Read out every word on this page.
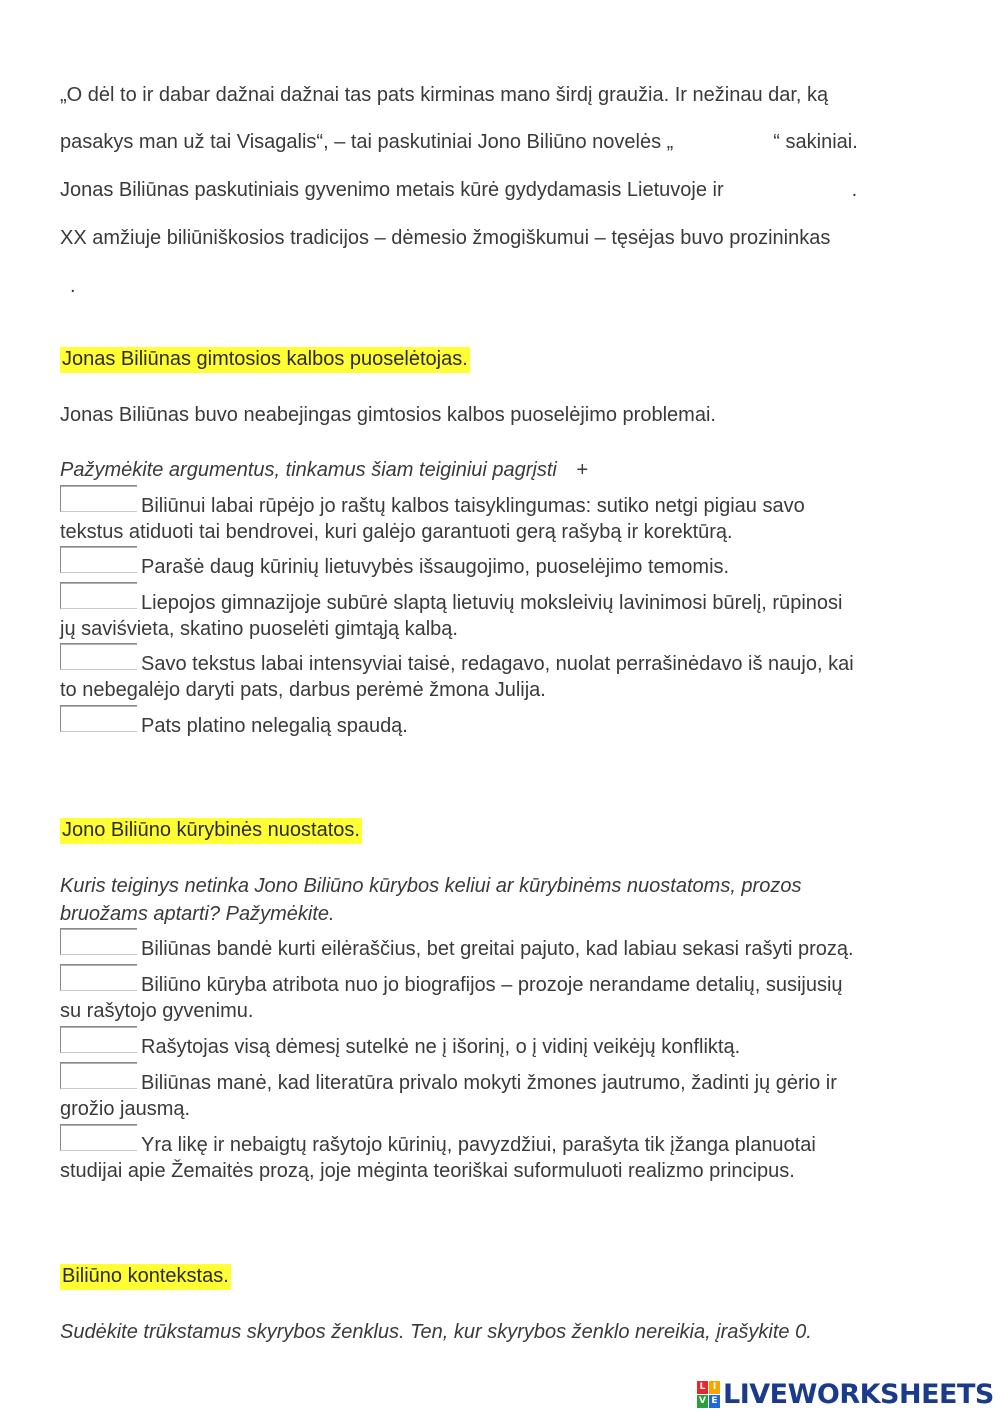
„O dėl to ir dabar dažnai dažnai tas pats kirminas mano širdį graužia. Ir nežinau dar, ką
pasakys man už tai Visagalis“, – tai paskutiniai Jono Biliūno novelės „	“ sakiniai.
Jonas Biliūnas paskutiniais gyvenimo metais kūrė gydydamasis Lietuvoje ir	.
XX amžiuje biliūniškosios tradicijos – dėmesio žmogiškumui – tęsėjas buvo prozininkas
.
Jonas Biliūnas gimtosios kalbos puoselėtojas.
Jonas Biliūnas buvo neabejingas gimtosios kalbos puoselėjimo problemai.
Pažymėkite argumentus, tinkamus šiam teiginiui pagrįsti +
Biliūnui labai rūpėjo jo raštų kalbos taisyklingumas: sutiko netgi pigiau savo
tekstus atiduoti tai bendrovei, kuri galėjo garantuoti gerą rašybą ir korektūrą.
Parašė daug kūrinių lietuvybės išsaugojimo, puoselėjimo temomis.
Liepojos gimnazijoje subūrė slaptą lietuvių moksleivių lavinimosi būrelį, rūpinosi
jų saviśvieta, skatino puoselėti gimtąją kalbą.
Savo tekstus labai intensyviai taisė, redagavo, nuolat perrašinėdavo iš naujo, kai
to nebegalėjo daryti pats, darbus perėmė žmona Julija.
Pats platino nelegalią spaudą.
Jono Biliūno kūrybinės nuostatos.
Kuris teiginys netinka Jono Biliūno kūrybos keliui ar kūrybinėms nuostatoms, prozos
bruožams aptarti? Pažymėkite.
Biliūnas bandė kurti eilėraščius, bet greitai pajuto, kad labiau sekasi rašyti prozą.
Biliūno kūryba atribota nuo jo biografijos – prozoje nerandame detalių, susijusių
su rašytojo gyvenimu.
Rašytojas visą dėmesį sutelkė ne į išorinį, o į vidinį veikėjų konfliktą.
Biliūnas manė, kad literatūra privalo mokyti žmones jautrumo, žadinti jų gėrio ir
grožio jausmą.
Yra likę ir nebaigtų rašytojo kūrinių, pavyzdžiui, parašyta tik įžanga planuotai
studijai apie Žemaitės prozą, joje mėginta teoriškai suformuluoti realizmo principus.
Biliūno kontekstas.
Sudėkite trūkstamus skyrybos ženklus. Ten, kur skyrybos ženklo nereikia, įrašykite 0.
L I
V E LIVEWORKSHEETS
